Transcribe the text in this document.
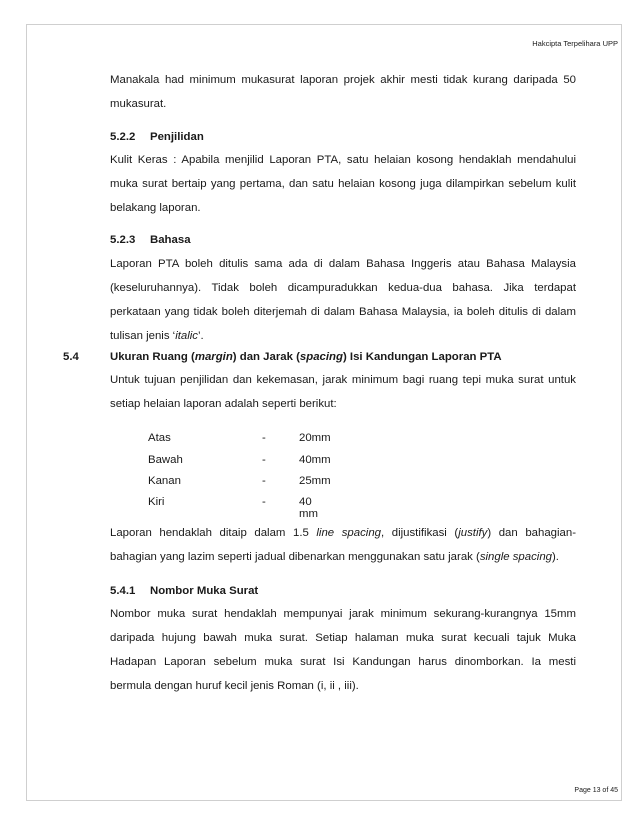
Hakcipta Terpelihara UPP

Manakala had minimum mukasurat laporan projek akhir mesti tidak kurang daripada 50

mukasurat.

5.2.2 Penjilidan

Kulit Keras : Apabila menjilid Laporan PTA, satu helaian kosong hendaklah mendahului

muka surat bertaip yang pertama, dan satu helaian kosong juga dilampirkan sebelum kulit

belakang laporan.

5.2.3 Bahasa

Laporan PTA boleh ditulis sama ada di dalam Bahasa Inggeris atau Bahasa Malaysia

(keseluruhannya). Tidak boleh dicampuradukkan kedua-dua bahasa. Jika terdapat

perkataan yang tidak boleh diterjemah di dalam Bahasa Malaysia, ia boleh ditulis di dalam

tulisan jenis ‘italic’.

5.4	Ukuran Ruang (margin) dan Jarak (spacing) Isi Kandungan Laporan PTA

Untuk tujuan penjilidan dan kekemasan, jarak minimum bagi ruang tepi muka surat untuk

setiap helaian laporan adalah seperti berikut:

Atas	-	20mm
Bawah	-	40mm
Kanan	-	25mm
Kiri	-	40 mm

Laporan hendaklah ditaip dalam 1.5 line spacing, dijustifikasi (justify) dan bahagian-

bahagian yang lazim seperti jadual dibenarkan menggunakan satu jarak (single spacing).

5.4.1 Nombor Muka Surat

Nombor muka surat hendaklah mempunyai jarak minimum sekurang-kurangnya 15mm

daripada hujung bawah muka surat. Setiap halaman muka surat kecuali tajuk Muka

Hadapan Laporan sebelum muka surat Isi Kandungan harus dinomborkan. Ia mesti

bermula dengan huruf kecil jenis Roman (i, ii , iii).

Page 13 of 45
